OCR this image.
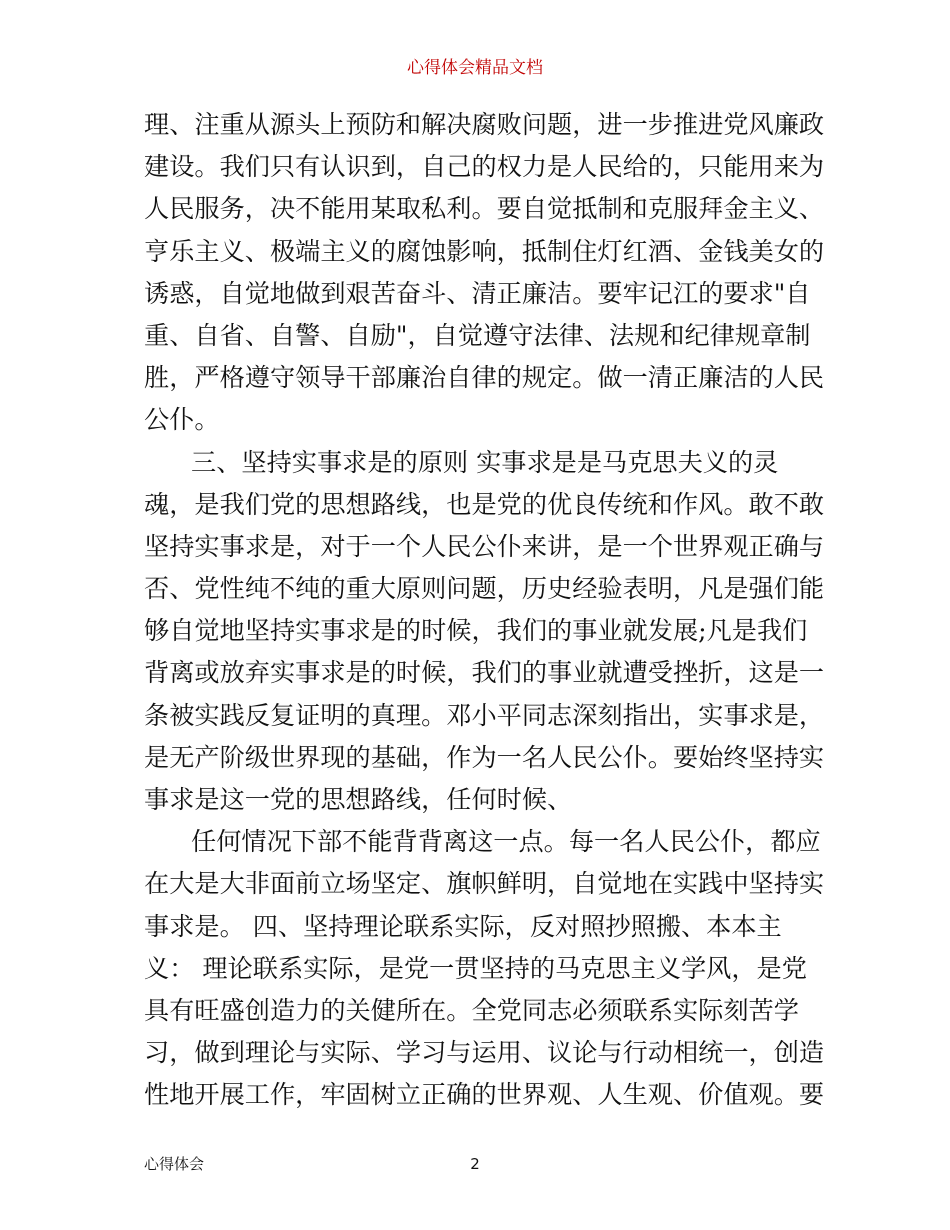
心得体会精品文档
理、注重从源头上预防和解决腐败问题，进一步推进党风廉政
建设。我们只有认识到，自己的权力是人民给的，只能用来为
人民服务，决不能用某取私利。要自觉抵制和克服拜金主义、
亨乐主义、极端主义的腐蚀影响，抵制住灯红酒、金钱美女的
诱惑，自觉地做到艰苦奋斗、清正廉洁。要牢记江的要求"自
重、自省、自警、自励"，自觉遵守法律、法规和纪律规章制
胜，严格遵守领导干部廉治自律的规定。做一清正廉洁的人民
公仆。
三、坚持实事求是的原则 实事求是是马克思夫义的灵
魂，是我们党的思想路线，也是党的优良传统和作风。敢不敢
坚持实事求是，对于一个人民公仆来讲，是一个世界观正确与
否、党性纯不纯的重大原则问题，历史经验表明，凡是强们能
够自觉地坚持实事求是的时候，我们的事业就发展;凡是我们
背离或放弃实事求是的时候，我们的事业就遭受挫折，这是一
条被实践反复证明的真理。邓小平同志深刻指出，实事求是，
是无产阶级世界现的基础，作为一名人民公仆。要始终坚持实
事求是这一党的思想路线，任何时候、
任何情况下部不能背背离这一点。每一名人民公仆，都应
在大是大非面前立场坚定、旗帜鲜明，自觉地在实践中坚持实
事求是。 四、坚持理论联系实际，反对照抄照搬、本本主
义： 理论联系实际，是党一贯坚持的马克思主义学风，是党
具有旺盛创造力的关健所在。全党同志必须联系实际刻苦学
习，做到理论与实际、学习与运用、议论与行动相统一，创造
性地开展工作，牢固树立正确的世界观、人生观、价值观。要
心得体会	2
